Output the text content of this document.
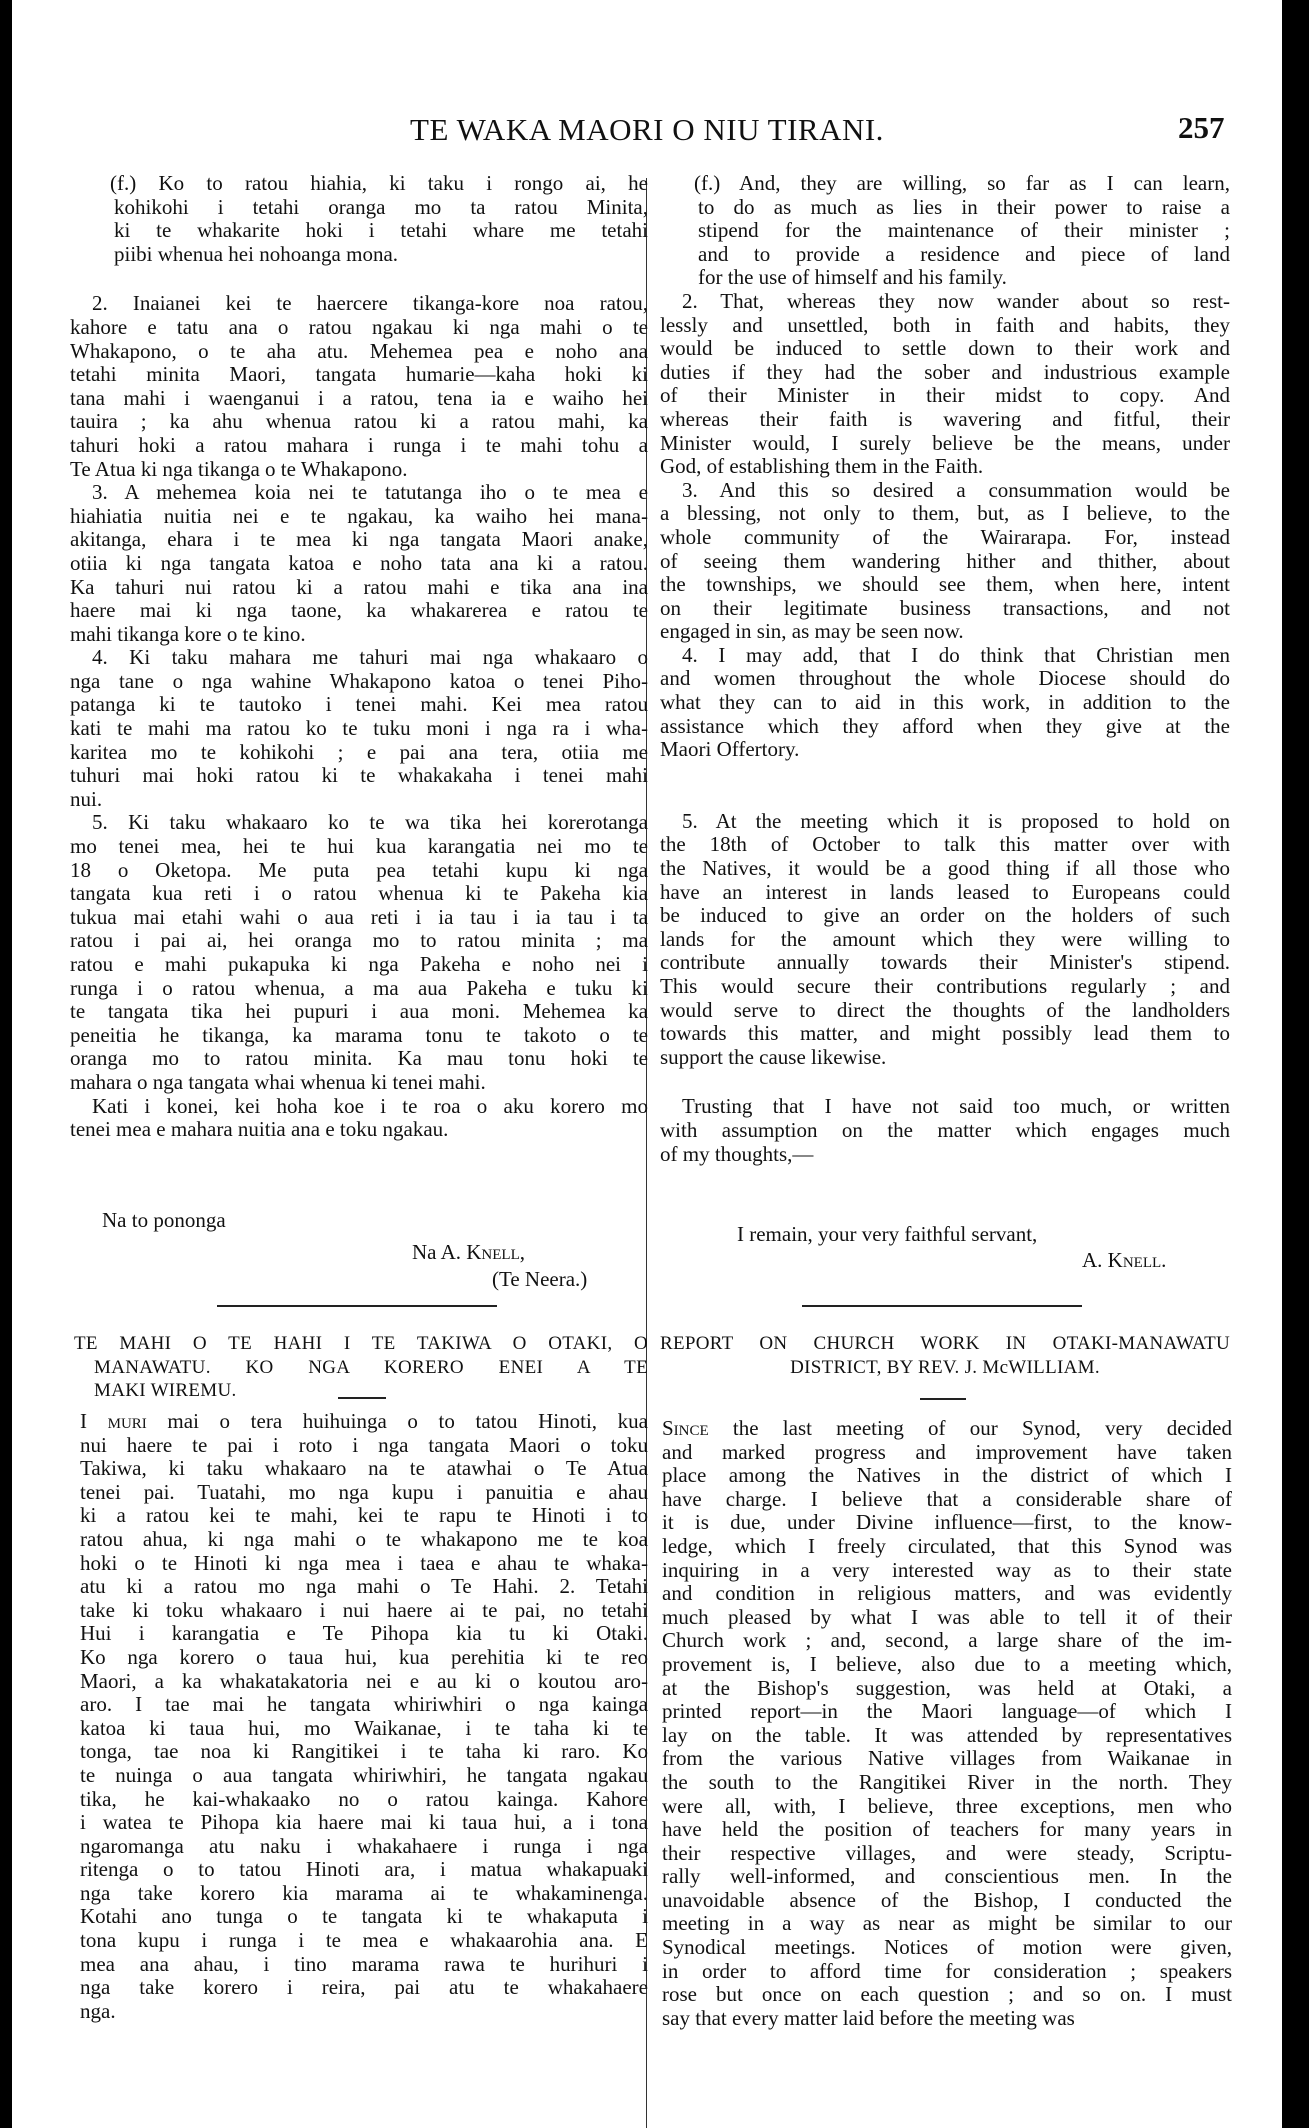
TE WAKA MAORI O NIU TIRANI.	257
(f.) Ko to ratou hiahia, ki taku i rongo ai, he
kohikohi i tetahi oranga mo ta ratou Minita,
ki te whakarite hoki i tetahi whare me tetahi
piibi whenua hei nohoanga mona.
2. Inaianei kei te haercere tikanga-kore noa ratou,
kahore e tatu ana o ratou ngakau ki nga mahi o te
Whakapono, o te aha atu. Mehemea pea e noho ana
tetahi minita Maori, tangata humarie—kaha hoki ki
tana mahi i waenganui i a ratou, tena ia e waiho hei
tauira ; ka ahu whenua ratou ki a ratou mahi, ka
tahuri hoki a ratou mahara i runga i te mahi tohu a
Te Atua ki nga tikanga o te Whakapono.
3. A mehemea koia nei te tatutanga iho o te mea e
hiahiatia nuitia nei e te ngakau, ka waiho hei mana-
akitanga, ehara i te mea ki nga tangata Maori anake,
otiia ki nga tangata katoa e noho tata ana ki a ratou.
Ka tahuri nui ratou ki a ratou mahi e tika ana ina
haere mai ki nga taone, ka whakarerea e ratou te
mahi tikanga kore o te kino.
4. Ki taku mahara me tahuri mai nga whakaaro o
nga tane o nga wahine Whakapono katoa o tenei Piho-
patanga ki te tautoko i tenei mahi. Kei mea ratou
kati te mahi ma ratou ko te tuku moni i nga ra i wha-
karitea mo te kohikohi ; e pai ana tera, otiia me
tuhuri mai hoki ratou ki te whakakaha i tenei mahi
nui.
5. Ki taku whakaaro ko te wa tika hei korerotanga
mo tenei mea, hei te hui kua karangatia nei mo te
18 o Oketopa. Me puta pea tetahi kupu ki nga
tangata kua reti i o ratou whenua ki te Pakeha kia
tukua mai etahi wahi o aua reti i ia tau i ia tau i ta
ratou i pai ai, hei oranga mo to ratou minita ; ma
ratou e mahi pukapuka ki nga Pakeha e noho nei i
runga i o ratou whenua, a ma aua Pakeha e tuku ki
te tangata tika hei pupuri i aua moni. Mehemea ka
peneitia he tikanga, ka marama tonu te takoto o te
oranga mo to ratou minita. Ka mau tonu hoki te
mahara o nga tangata whai whenua ki tenei mahi.
Kati i konei, kei hoha koe i te roa o aku korero mo
tenei mea e mahara nuitia ana e toku ngakau.
Na to pononga
Na A. Knell,
(Te Neera.)
(f.) And, they are willing, so far as I can learn,
to do as much as lies in their power to raise a
stipend for the maintenance of their minister ;
and to provide a residence and piece of land
for the use of himself and his family.
2. That, whereas they now wander about so rest-
lessly and unsettled, both in faith and habits, they
would be induced to settle down to their work and
duties if they had the sober and industrious example
of their Minister in their midst to copy. And
whereas their faith is wavering and fitful, their
Minister would, I surely believe be the means, under
God, of establishing them in the Faith.
3. And this so desired a consummation would be
a blessing, not only to them, but, as I believe, to the
whole community of the Wairarapa. For, instead
of seeing them wandering hither and thither, about
the townships, we should see them, when here, intent
on their legitimate business transactions, and not
engaged in sin, as may be seen now.
4. I may add, that I do think that Christian men
and women throughout the whole Diocese should do
what they can to aid in this work, in addition to the
assistance which they afford when they give at the
Maori Offertory.
5. At the meeting which it is proposed to hold on
the 18th of October to talk this matter over with
the Natives, it would be a good thing if all those who
have an interest in lands leased to Europeans could
be induced to give an order on the holders of such
lands for the amount which they were willing to
contribute annually towards their Minister's stipend.
This would secure their contributions regularly ; and
would serve to direct the thoughts of the landholders
towards this matter, and might possibly lead them to
support the cause likewise.
Trusting that I have not said too much, or written
with assumption on the matter which engages much
of my thoughts,—
I remain, your very faithful servant,
A. Knell.
TE MAHI O TE HAHI I TE TAKIWA O OTAKI, O
MANAWATU. KO NGA KORERO ENEI A TE
MAKI WIREMU.
I muri mai o tera huihuinga o to tatou Hinoti, kua
nui haere te pai i roto i nga tangata Maori o toku
Takiwa, ki taku whakaaro na te atawhai o Te Atua
tenei pai. Tuatahi, mo nga kupu i panuitia e ahau
ki a ratou kei te mahi, kei te rapu te Hinoti i to
ratou ahua, ki nga mahi o te whakapono me te koa
hoki o te Hinoti ki nga mea i taea e ahau te whaka-
atu ki a ratou mo nga mahi o Te Hahi. 2. Tetahi
take ki toku whakaaro i nui haere ai te pai, no tetahi
Hui i karangatia e Te Pihopa kia tu ki Otaki.
Ko nga korero o taua hui, kua perehitia ki te reo
Maori, a ka whakatakatoria nei e au ki o koutou aro-
aro. I tae mai he tangata whiriwhiri o nga kainga
katoa ki taua hui, mo Waikanae, i te taha ki te
tonga, tae noa ki Rangitikei i te taha ki raro. Ko
te nuinga o aua tangata whiriwhiri, he tangata ngakau
tika, he kai-whakaako no o ratou kainga. Kahore
i watea te Pihopa kia haere mai ki taua hui, a i tona
ngaromanga atu naku i whakahaere i runga i nga
ritenga o to tatou Hinoti ara, i matua whakapuaki
nga take korero kia marama ai te whakaminenga.
Kotahi ano tunga o te tangata ki te whakaputa i
tona kupu i runga i te mea e whakaarohia ana. E
mea ana ahau, i tino marama rawa te hurihuri i
nga take korero i reira, pai atu te whakahaere
nga.
REPORT ON CHURCH WORK IN OTAKI-MANAWATU
DISTRICT, BY REV. J. McWILLIAM.
Since the last meeting of our Synod, very decided
and marked progress and improvement have taken
place among the Natives in the district of which I
have charge. I believe that a considerable share of
it is due, under Divine influence—first, to the know-
ledge, which I freely circulated, that this Synod was
inquiring in a very interested way as to their state
and condition in religious matters, and was evidently
much pleased by what I was able to tell it of their
Church work ; and, second, a large share of the im-
provement is, I believe, also due to a meeting which,
at the Bishop's suggestion, was held at Otaki, a
printed report—in the Maori language—of which I
lay on the table. It was attended by representatives
from the various Native villages from Waikanae in
the south to the Rangitikei River in the north. They
were all, with, I believe, three exceptions, men who
have held the position of teachers for many years in
their respective villages, and were steady, Scriptu-
rally well-informed, and conscientious men. In the
unavoidable absence of the Bishop, I conducted the
meeting in a way as near as might be similar to our
Synodical meetings. Notices of motion were given,
in order to afford time for consideration ; speakers
rose but once on each question ; and so on. I must
say that every matter laid before the meeting was
